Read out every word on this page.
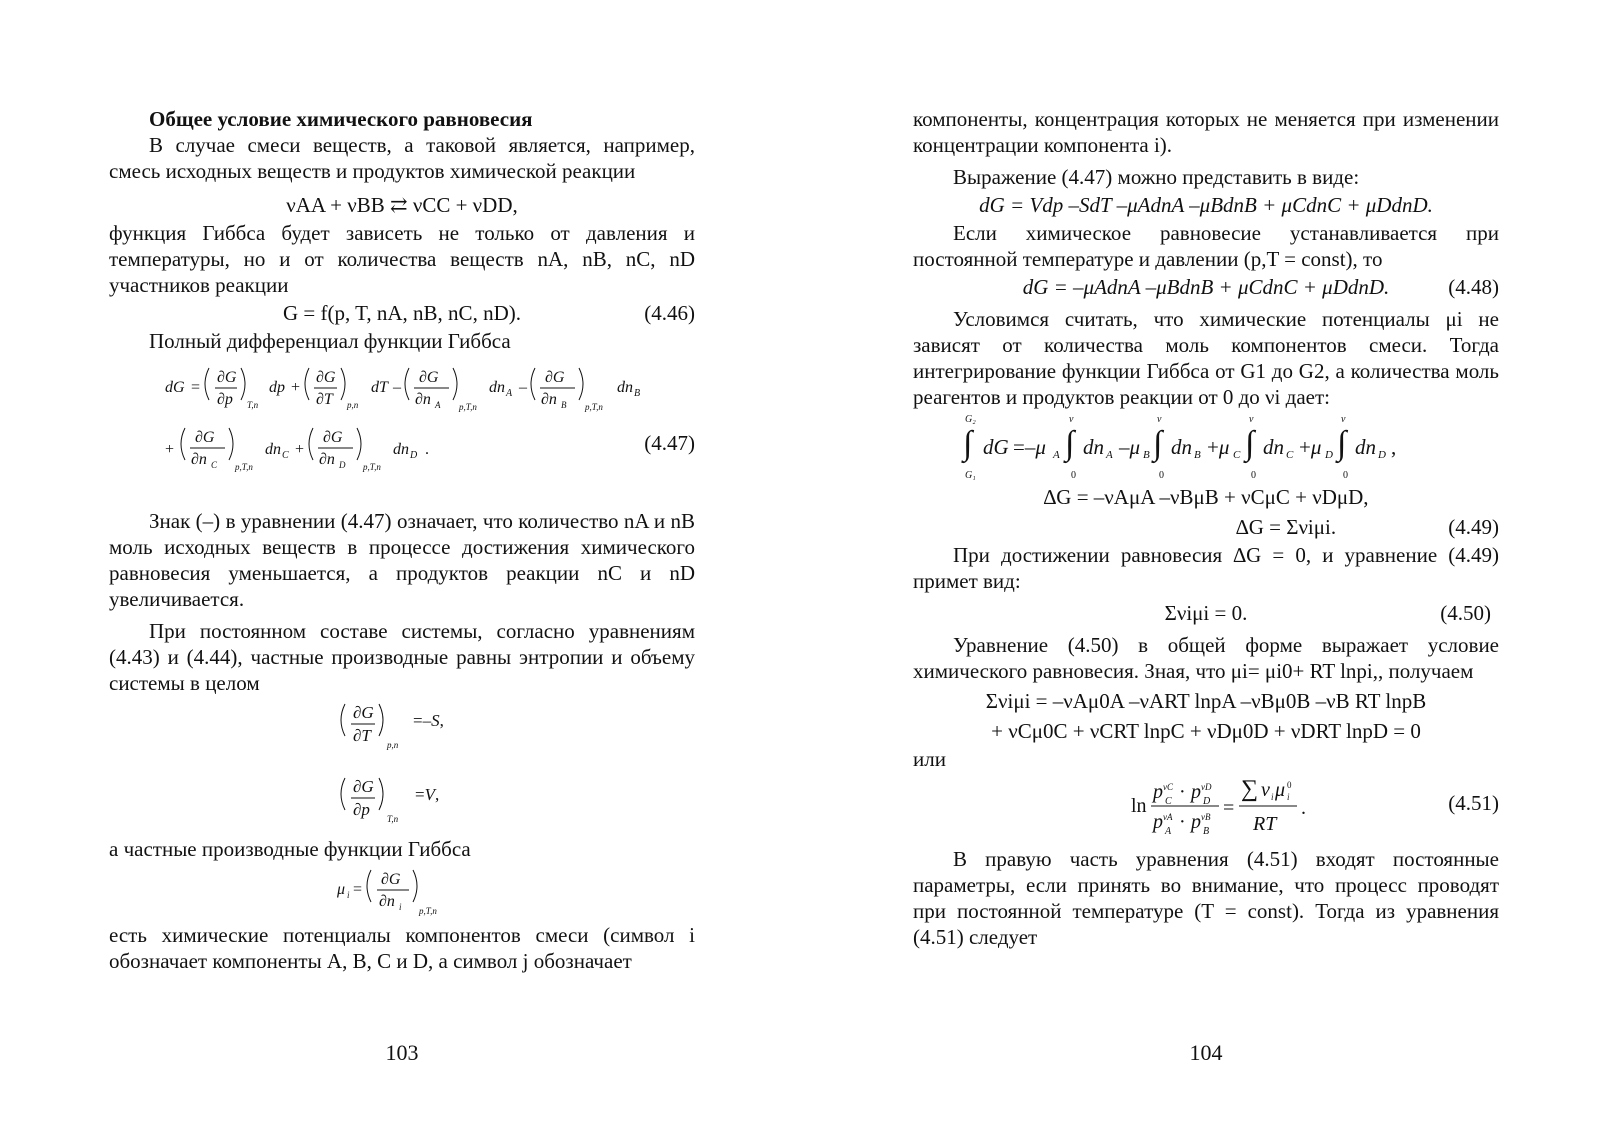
Общее условие химического равновесия

В случае смеси веществ, а таковой является, например, смесь исходных веществ и продуктов химической реакции

νAA + νBB ⇄ νCC + νDD,

функция Гиббса будет зависеть не только от давления и температуры, но и от количества веществ nA, nB, nC, nD участников реакции

G = f(p, T, nA, nB, nC, nD).	(4.46)

Полный дифференциал функции Гиббса

dG =
∂G
∂p T,n
dp +
∂G
∂T p,n
dT –
∂G
∂n A p,T,n
dn A –
∂G
∂n B p,T,n
dn B
+
∂G
∂n C p,T,n
dn C +
∂G
∂n D p,T,n
dn D .	(4.47)

Знак (–) в уравнении (4.47) означает, что количество nA и nB моль исходных веществ в процессе достижения химического равновесия уменьшается, а продуктов реакции nC и nD увеличивается.

При постоянном составе системы, согласно уравнениям (4.43) и (4.44), частные производные равны энтропии и объему системы в целом

∂G
∂T p,n
=–S,
∂G
∂p T,n
=V,

а частные производные функции Гиббса

μ i =
∂G
∂n i p,T,n

есть химические потенциалы компонентов смеси (символ i обозначает компоненты A, B, C и D, а символ j обозначает

103

компоненты, концентрация которых не меняется при изменении концентрации компонента i).

Выражение (4.47) можно представить в виде:

dG = Vdp –SdT –μAdnA –μBdnB + μCdnC + μDdnD.

Если химическое равновесие устанавливается при постоянной температуре и давлении (p,T = const), то

dG = –μAdnA –μBdnB + μCdnC + μDdnD.	(4.48)

Условимся считать, что химические потенциалы μi не зависят от количества моль компонентов смеси. Тогда интегрирование функции Гиббса от G1 до G2, а количества моль реагентов и продуктов реакции от 0 до νi дает:

∫
G₂
G₁
dG =–μ A ∫
ν
0
dn A –μ B ∫
ν
0
dn B +μ C ∫
ν
0
dn C +μ D ∫
ν
0
dn D ,
∆G = –νAμA –νBμB + νCμC + νDμD,
∆G = Σνiμi.	(4.49)

При достижении равновесия ∆G = 0, и уравнение (4.49) примет вид:

Σνiμi = 0.	(4.50)

Уравнение (4.50) в общей форме выражает условие химического равновесия. Зная, что μi= μi0+ RT lnpi,, получаем

Σνiμi = –νAμ0A –νART lnpA –νBμ0B –νB RT lnpB
+ νCμ0C + νCRT lnpC + νDμ0D + νDRT lnpD = 0

или

ln
p νC
C · p νD
D
p νA
A · p νB
B
=
∑ ν i μ 0
i
RT
.	(4.51)

В правую часть уравнения (4.51) входят постоянные параметры, если принять во внимание, что процесс проводят при постоянной температуре (T = const). Тогда из уравнения (4.51) следует

104
